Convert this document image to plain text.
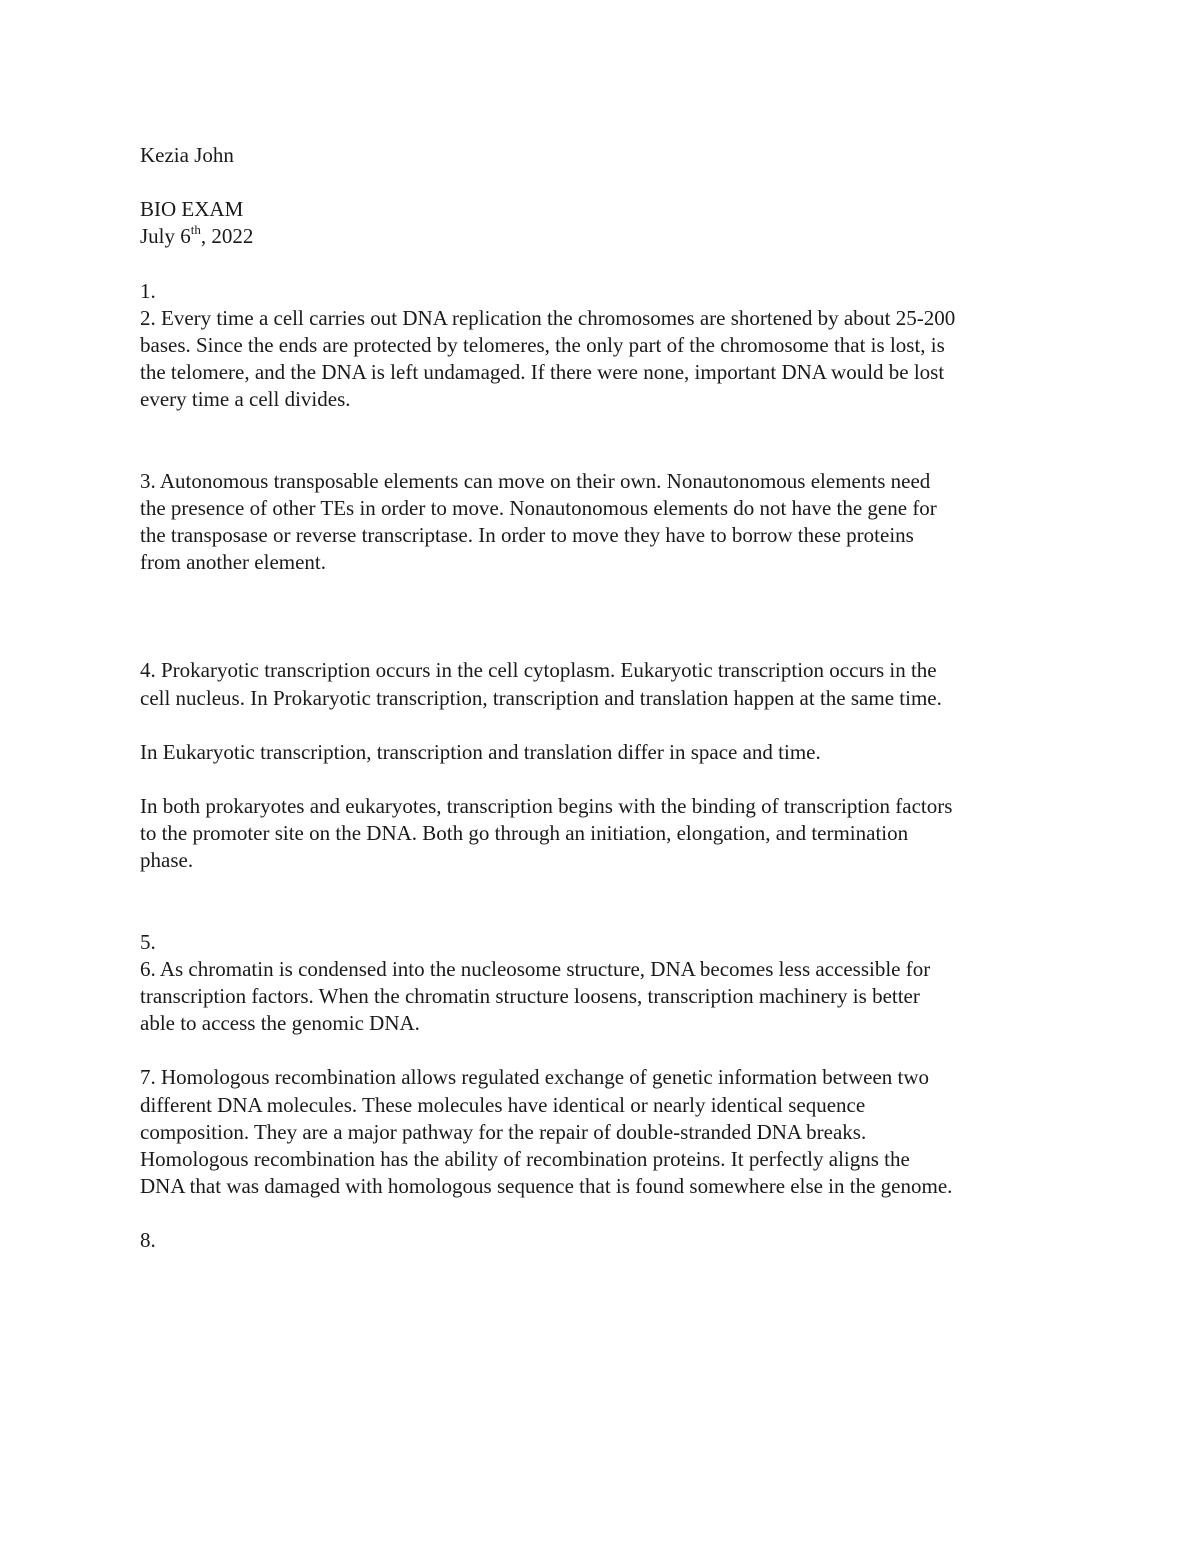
Kezia John

BIO EXAM

July 6th, 2022

1.
2. Every time a cell carries out DNA replication the chromosomes are shortened by about 25-200
bases. Since the ends are protected by telomeres, the only part of the chromosome that is lost, is
the telomere, and the DNA is left undamaged. If there were none, important DNA would be lost
every time a cell divides.
3. Autonomous transposable elements can move on their own. Nonautonomous elements need
the presence of other TEs in order to move. Nonautonomous elements do not have the gene for
the transposase or reverse transcriptase. In order to move they have to borrow these proteins
from another element.
4. Prokaryotic transcription occurs in the cell cytoplasm. Eukaryotic transcription occurs in the
cell nucleus. In Prokaryotic transcription, transcription and translation happen at the same time.
In Eukaryotic transcription, transcription and translation differ in space and time.
In both prokaryotes and eukaryotes, transcription begins with the binding of transcription factors
to the promoter site on the DNA. Both go through an initiation, elongation, and termination
phase.
5.
6. As chromatin is condensed into the nucleosome structure, DNA becomes less accessible for
transcription factors. When the chromatin structure loosens, transcription machinery is better
able to access the genomic DNA.
7. Homologous recombination allows regulated exchange of genetic information between two
different DNA molecules. These molecules have identical or nearly identical sequence
composition. They are a major pathway for the repair of double-stranded DNA breaks.
Homologous recombination has the ability of recombination proteins. It perfectly aligns the
DNA that was damaged with homologous sequence that is found somewhere else in the genome.
8.
